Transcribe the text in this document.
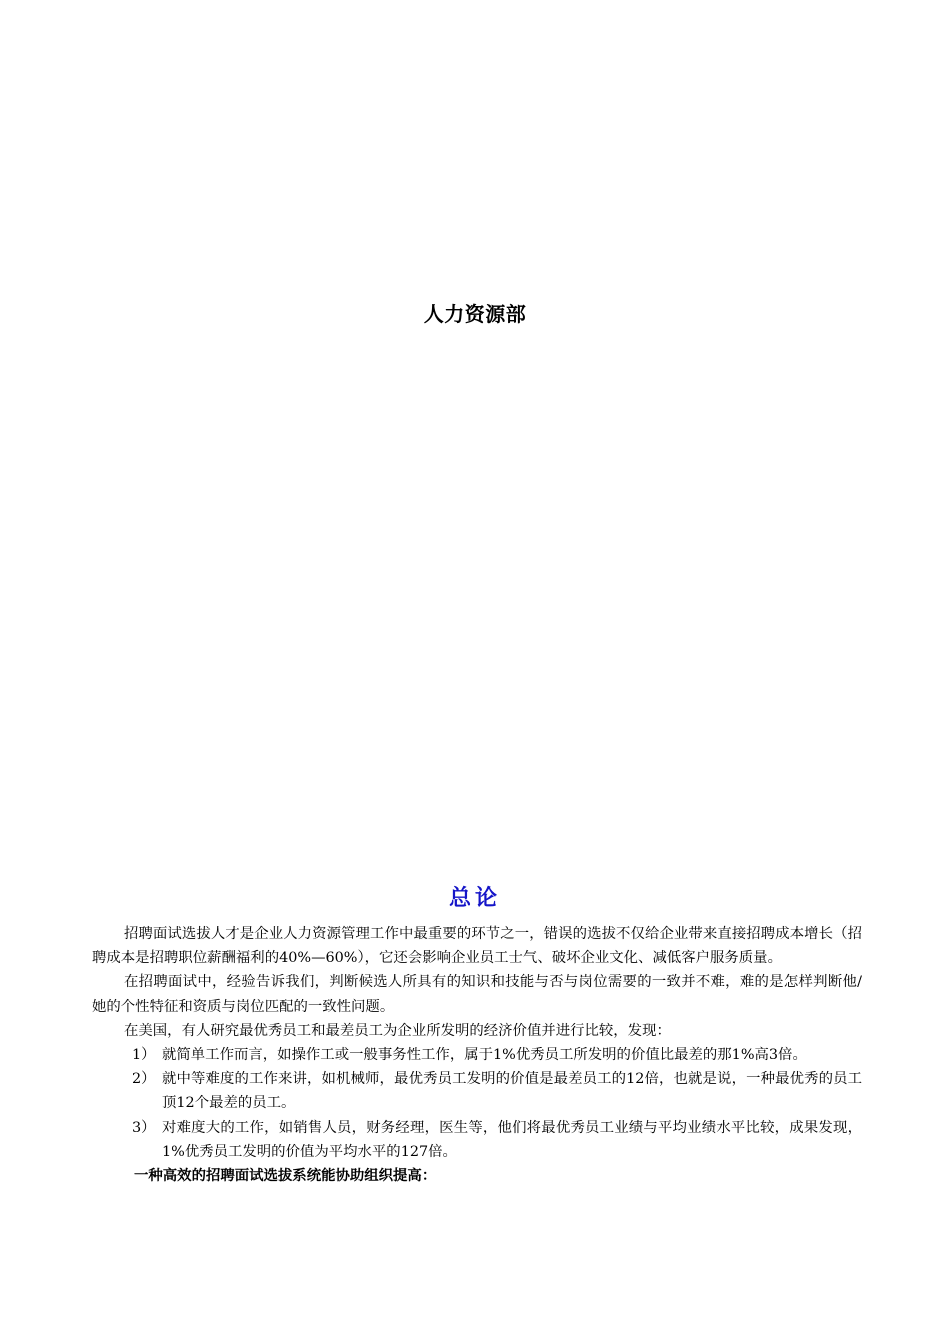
人力资源部
总论

招聘面试选拔人才是企业人力资源管理工作中最重要的环节之一，错误的选拔不仅给企业带来直接招聘成本增长（招聘成本是招聘职位薪酬福利的40%—60%），它还会影响企业员工士气、破坏企业文化、减低客户服务质量。

在招聘面试中，经验告诉我们，判断候选人所具有的知识和技能与否与岗位需要的一致并不难，难的是怎样判断他/她的个性特征和资质与岗位匹配的一致性问题。

在美国，有人研究最优秀员工和最差员工为企业所发明的经济价值并进行比较，发现：

1） 就简单工作而言，如操作工或一般事务性工作，属于1%优秀员工所发明的价值比最差的那1%高3倍。
2） 就中等难度的工作来讲，如机械师，最优秀员工发明的价值是最差员工的12倍，也就是说，一种最优秀的员工顶12个最差的员工。
3） 对难度大的工作，如销售人员，财务经理，医生等，他们将最优秀员工业绩与平均业绩水平比较，成果发现，1%优秀员工发明的价值为平均水平的127倍。

一种高效的招聘面试选拔系统能协助组织提高：
